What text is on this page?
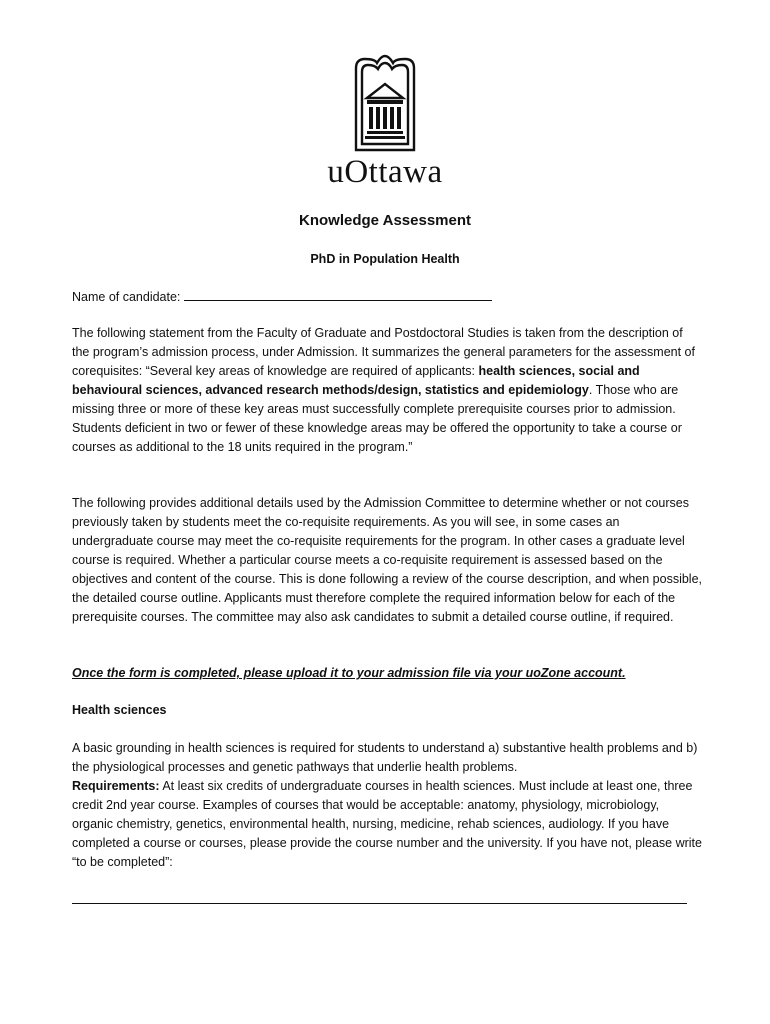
uOttawa
Knowledge Assessment
PhD in Population Health
Name of candidate:
The following statement from the Faculty of Graduate and Postdoctoral Studies is taken from the description of the program’s admission process, under Admission. It summarizes the general parameters for the assessment of corequisites: “Several key areas of knowledge are required of applicants: health sciences, social and behavioural sciences, advanced research methods/design, statistics and epidemiology. Those who are missing three or more of these key areas must successfully complete prerequisite courses prior to admission. Students deficient in two or fewer of these knowledge areas may be offered the opportunity to take a course or courses as additional to the 18 units required in the program.”
The following provides additional details used by the Admission Committee to determine whether or not courses previously taken by students meet the co-requisite requirements. As you will see, in some cases an undergraduate course may meet the co-requisite requirements for the program. In other cases a graduate level course is required. Whether a particular course meets a co-requisite requirement is assessed based on the objectives and content of the course. This is done following a review of the course description, and when possible, the detailed course outline. Applicants must therefore complete the required information below for each of the prerequisite courses. The committee may also ask candidates to submit a detailed course outline, if required.
Once the form is completed, please upload it to your admission file via your uoZone account.
Health sciences
A basic grounding in health sciences is required for students to understand a) substantive health problems and b) the physiological processes and genetic pathways that underlie health problems.
Requirements: At least six credits of undergraduate courses in health sciences. Must include at least one, three credit 2nd year course. Examples of courses that would be acceptable: anatomy, physiology, microbiology, organic chemistry, genetics, environmental health, nursing, medicine, rehab sciences, audiology. If you have completed a course or courses, please provide the course number and the university. If you have not, please write “to be completed”:
